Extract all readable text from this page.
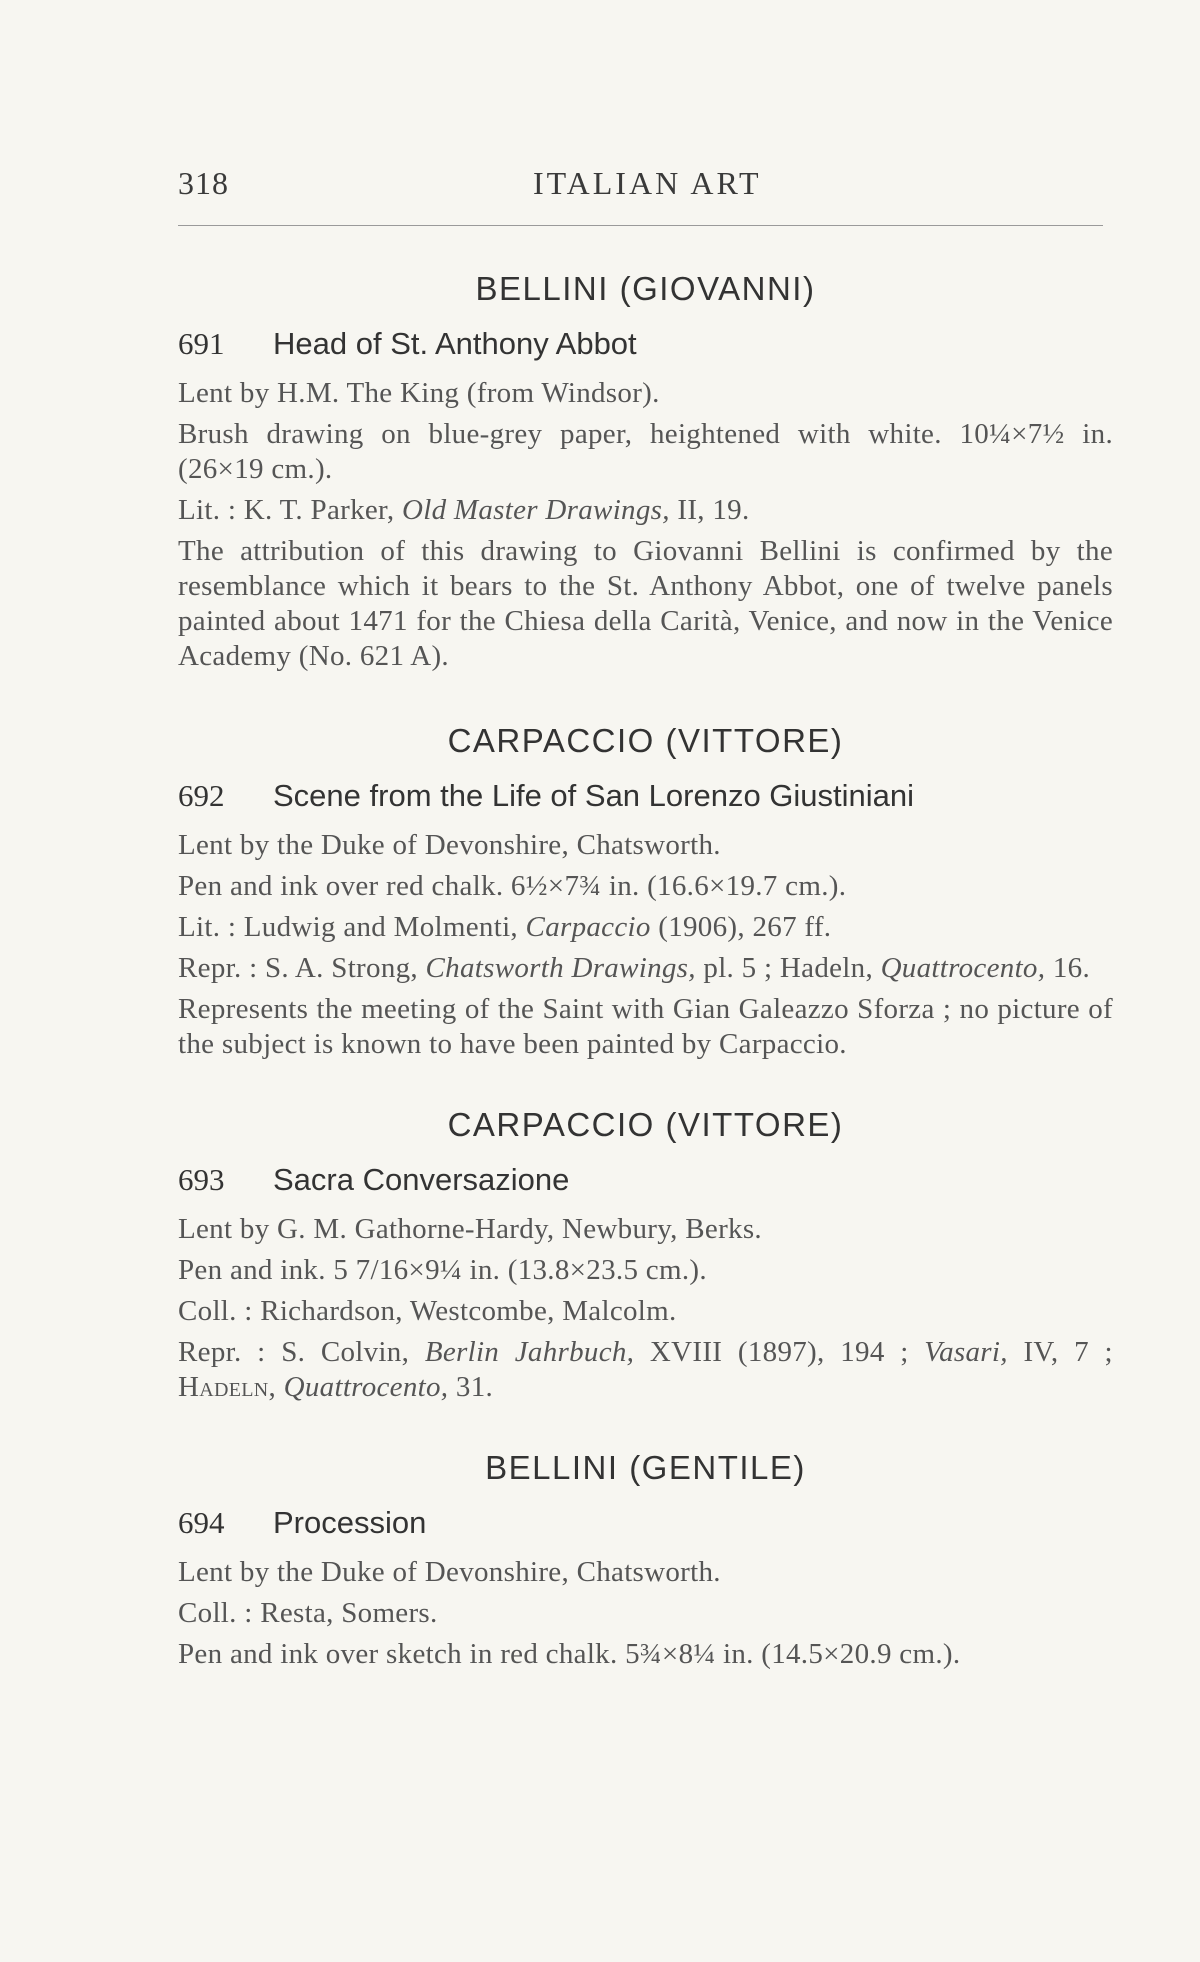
318	ITALIAN ART
BELLINI (GIOVANNI)
691 Head of St. Anthony Abbot

Lent by H.M. The King (from Windsor).

Brush drawing on blue-grey paper, heightened with white. 10¼×7½ in. (26×19 cm.).

Lit. : K. T. Parker, Old Master Drawings, II, 19.

The attribution of this drawing to Giovanni Bellini is confirmed by the resemblance which it bears to the St. Anthony Abbot, one of twelve panels painted about 1471 for the Chiesa della Carità, Venice, and now in the Venice Academy (No. 621 A).

CARPACCIO (VITTORE)
692 Scene from the Life of San Lorenzo Giustiniani

Lent by the Duke of Devonshire, Chatsworth.

Pen and ink over red chalk. 6½×7¾ in. (16.6×19.7 cm.).

Lit. : Ludwig and Molmenti, Carpaccio (1906), 267 ff.

Repr. : S. A. Strong, Chatsworth Drawings, pl. 5 ; Hadeln, Quattrocento, 16.

Represents the meeting of the Saint with Gian Galeazzo Sforza ; no picture of the subject is known to have been painted by Carpaccio.

CARPACCIO (VITTORE)
693 Sacra Conversazione

Lent by G. M. Gathorne-Hardy, Newbury, Berks.

Pen and ink. 5 7/16×9¼ in. (13.8×23.5 cm.).

Coll. : Richardson, Westcombe, Malcolm.

Repr. : S. Colvin, Berlin Jahrbuch, XVIII (1897), 194 ; Vasari, IV, 7 ; Hadeln, Quattrocento, 31.

BELLINI (GENTILE)
694 Procession

Lent by the Duke of Devonshire, Chatsworth.

Coll. : Resta, Somers.

Pen and ink over sketch in red chalk. 5¾×8¼ in. (14.5×20.9 cm.).
